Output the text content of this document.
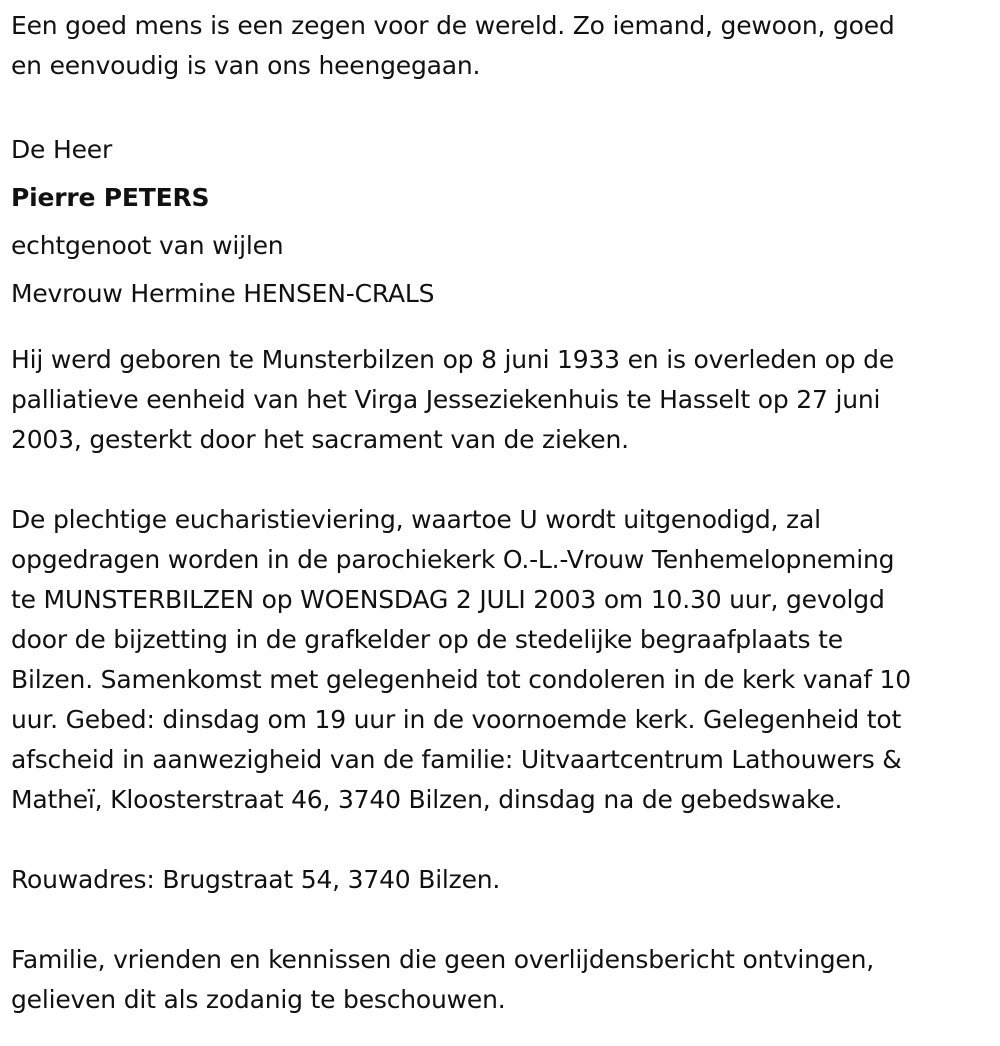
Een goed mens is een zegen voor de wereld. Zo iemand, gewoon, goed
en eenvoudig is van ons heengegaan.
De Heer
Pierre PETERS
echtgenoot van wijlen
Mevrouw Hermine HENSEN-CRALS
Hij werd geboren te Munsterbilzen op 8 juni 1933 en is overleden op de
palliatieve eenheid van het Virga Jesseziekenhuis te Hasselt op 27 juni
2003, gesterkt door het sacrament van de zieken.
De plechtige eucharistieviering, waartoe U wordt uitgenodigd, zal
opgedragen worden in de parochiekerk O.-L.-Vrouw Tenhemelopneming
te MUNSTERBILZEN op WOENSDAG 2 JULI 2003 om 10.30 uur, gevolgd
door de bijzetting in de grafkelder op de stedelijke begraafplaats te
Bilzen. Samenkomst met gelegenheid tot condoleren in de kerk vanaf 10
uur. Gebed: dinsdag om 19 uur in de voornoemde kerk. Gelegenheid tot
afscheid in aanwezigheid van de familie: Uitvaartcentrum Lathouwers &
Matheï, Kloosterstraat 46, 3740 Bilzen, dinsdag na de gebedswake.
Rouwadres: Brugstraat 54, 3740 Bilzen.
Familie, vrienden en kennissen die geen overlijdensbericht ontvingen,
gelieven dit als zodanig te beschouwen.
